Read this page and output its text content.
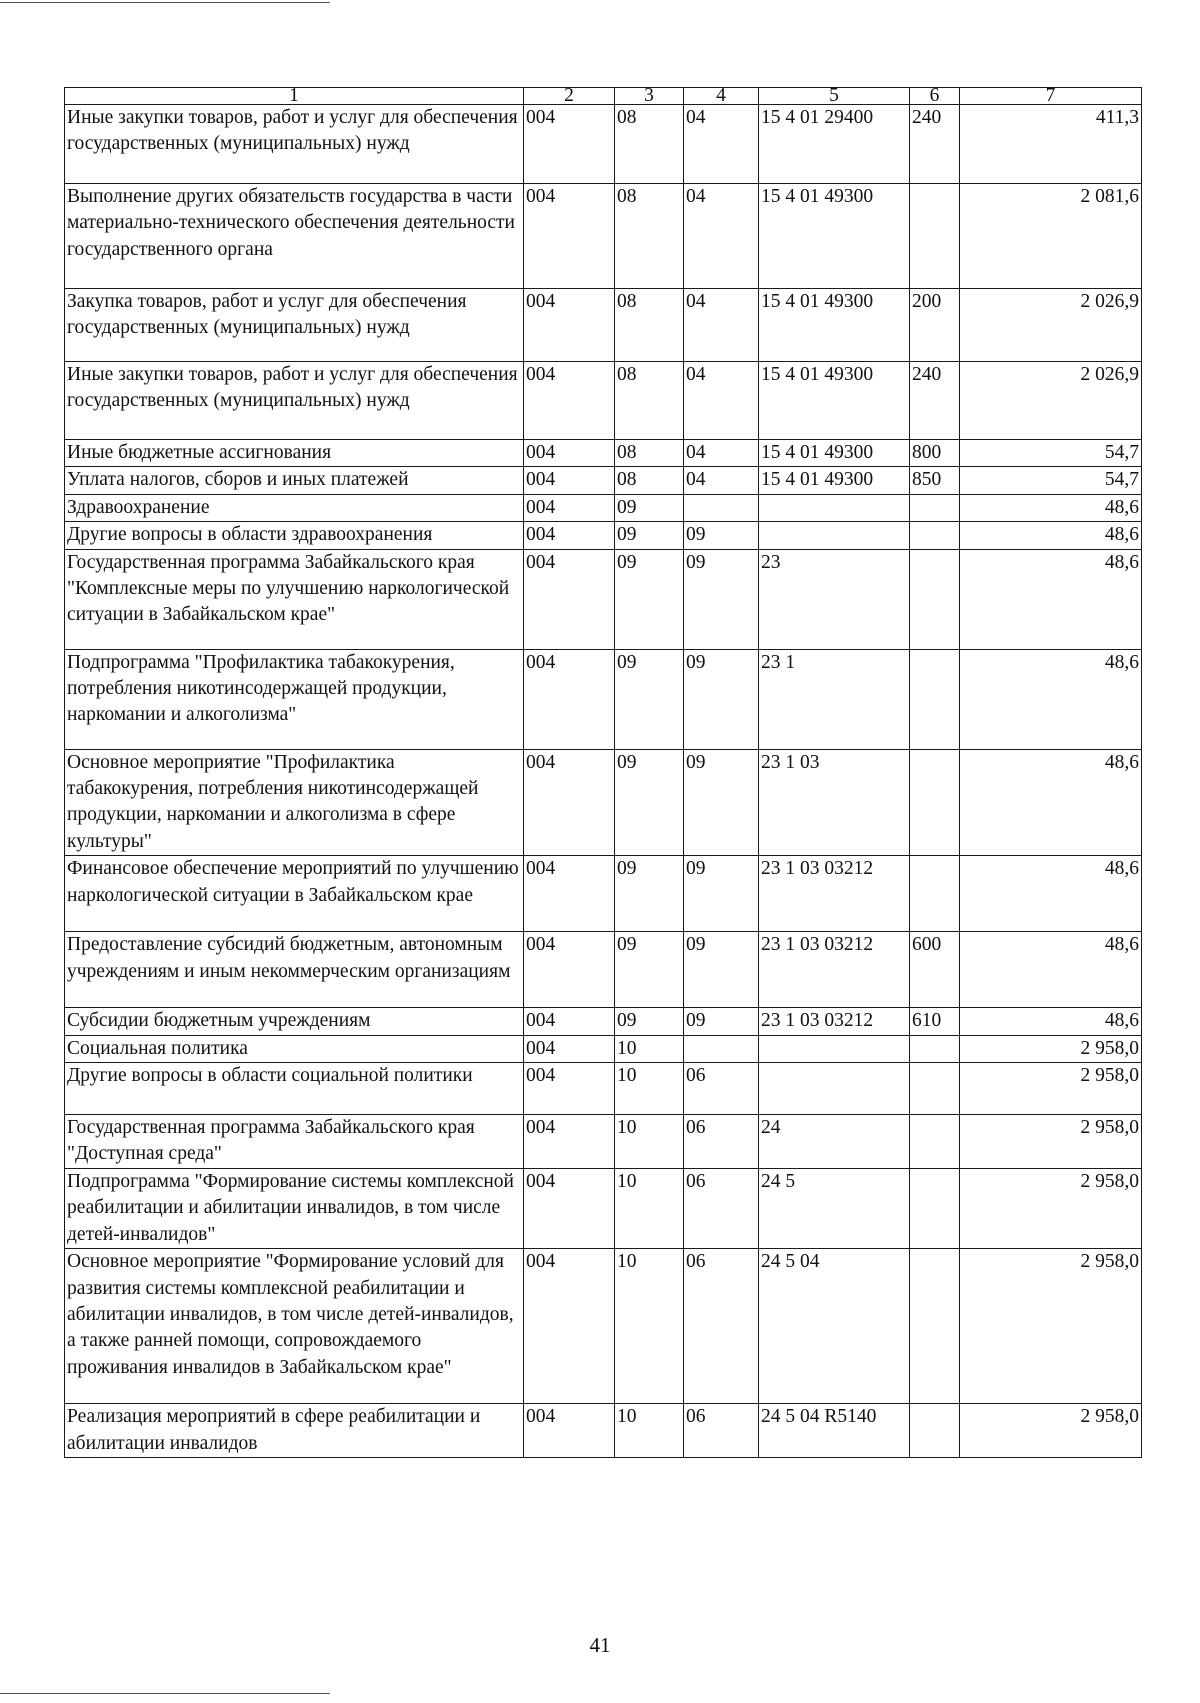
1	2	3	4	5	6	7
Иные закупки товаров, работ и услуг для обеспечения государственных (муниципальных) нужд	004	08	04	15 4 01 29400	240	411,3
Выполнение других обязательств государства в части материально-технического обеспечения деятельности государственного органа	004	08	04	15 4 01 49300		2 081,6
Закупка товаров, работ и услуг для обеспечения государственных (муниципальных) нужд	004	08	04	15 4 01 49300	200	2 026,9
Иные закупки товаров, работ и услуг для обеспечения государственных (муниципальных) нужд	004	08	04	15 4 01 49300	240	2 026,9
Иные бюджетные ассигнования	004	08	04	15 4 01 49300	800	54,7
Уплата налогов, сборов и иных платежей	004	08	04	15 4 01 49300	850	54,7
Здравоохранение	004	09				48,6
Другие вопросы в области здравоохранения	004	09	09			48,6
Государственная программа Забайкальского края "Комплексные меры по улучшению наркологической ситуации в Забайкальском крае"	004	09	09	23		48,6
Подпрограмма "Профилактика табакокурения, потребления никотинсодержащей продукции, наркомании и алкоголизма"	004	09	09	23 1		48,6
Основное мероприятие "Профилактика табакокурения, потребления никотинсодержащей продукции, наркомании и алкоголизма в сфере культуры"	004	09	09	23 1 03		48,6
Финансовое обеспечение мероприятий по улучшению наркологической ситуации в Забайкальском крае	004	09	09	23 1 03 03212		48,6
Предоставление субсидий бюджетным, автономным учреждениям и иным некоммерческим организациям	004	09	09	23 1 03 03212	600	48,6
Субсидии бюджетным учреждениям	004	09	09	23 1 03 03212	610	48,6
Социальная политика	004	10				2 958,0
Другие вопросы в области социальной политики	004	10	06			2 958,0
Государственная программа Забайкальского края "Доступная среда"	004	10	06	24		2 958,0
Подпрограмма "Формирование системы комплексной реабилитации и абилитации инвалидов, в том числе детей-инвалидов"	004	10	06	24 5		2 958,0
Основное мероприятие "Формирование условий для развития системы комплексной реабилитации и абилитации инвалидов, в том числе детей-инвалидов, а также ранней помощи, сопровождаемого проживания инвалидов в Забайкальском крае"	004	10	06	24 5 04		2 958,0
Реализация мероприятий в сфере реабилитации и абилитации инвалидов	004	10	06	24 5 04 R5140		2 958,0
41
